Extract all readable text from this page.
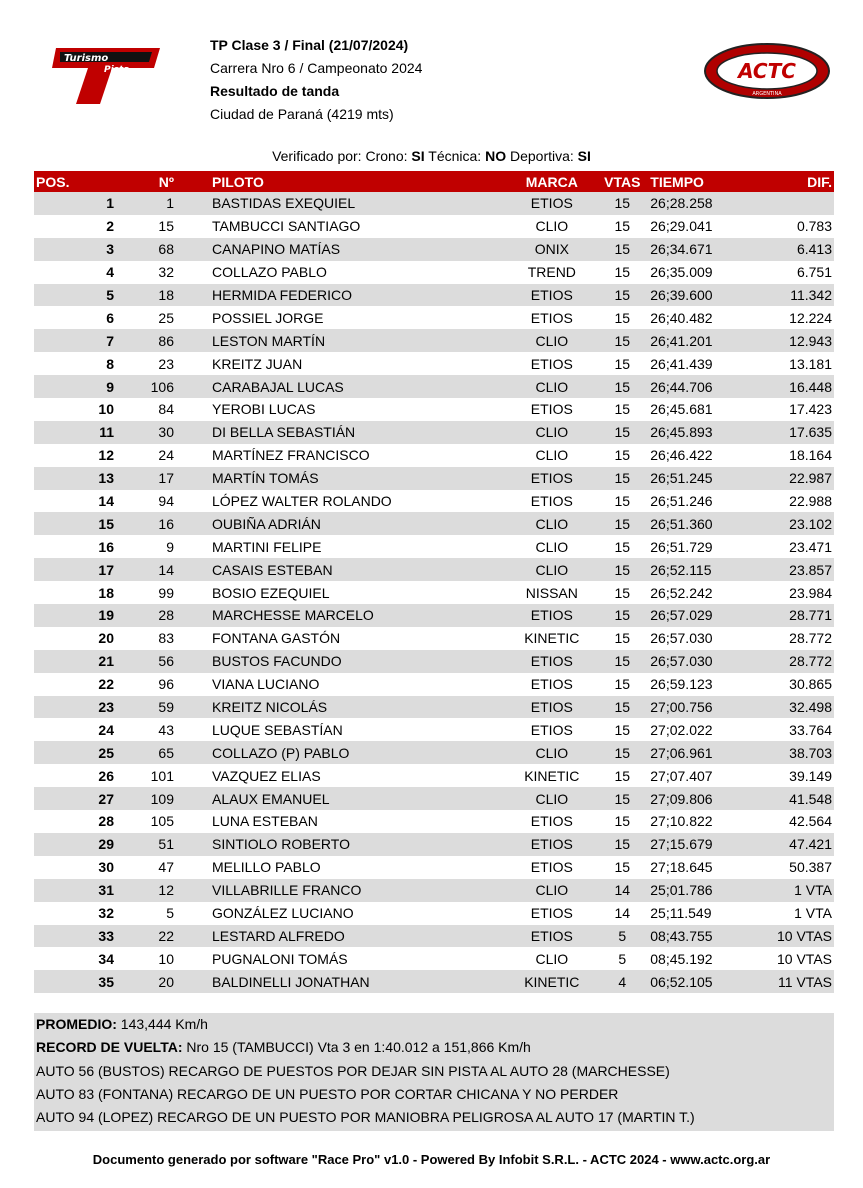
Turismo
Pista
TP Clase 3 / Final (21/07/2024)
Carrera Nro 6 / Campeonato 2024
Resultado de tanda
Ciudad de Paraná (4219 mts)
ACTC
ARGENTINA
Verificado por: Crono: SI Técnica: NO Deportiva: SI
POS.	Nº	PILOTO	MARCA	VTAS	TIEMPO	DIF.
1	1	BASTIDAS EXEQUIEL	ETIOS	15	26;28.258	
2	15	TAMBUCCI SANTIAGO	CLIO	15	26;29.041	0.783
3	68	CANAPINO MATÍAS	ONIX	15	26;34.671	6.413
4	32	COLLAZO PABLO	TREND	15	26;35.009	6.751
5	18	HERMIDA FEDERICO	ETIOS	15	26;39.600	11.342
6	25	POSSIEL JORGE	ETIOS	15	26;40.482	12.224
7	86	LESTON MARTÍN	CLIO	15	26;41.201	12.943
8	23	KREITZ JUAN	ETIOS	15	26;41.439	13.181
9	106	CARABAJAL LUCAS	CLIO	15	26;44.706	16.448
10	84	YEROBI LUCAS	ETIOS	15	26;45.681	17.423
11	30	DI BELLA SEBASTIÁN	CLIO	15	26;45.893	17.635
12	24	MARTÍNEZ FRANCISCO	CLIO	15	26;46.422	18.164
13	17	MARTÍN TOMÁS	ETIOS	15	26;51.245	22.987
14	94	LÓPEZ WALTER ROLANDO	ETIOS	15	26;51.246	22.988
15	16	OUBIÑA ADRIÁN	CLIO	15	26;51.360	23.102
16	9	MARTINI FELIPE	CLIO	15	26;51.729	23.471
17	14	CASAIS ESTEBAN	CLIO	15	26;52.115	23.857
18	99	BOSIO EZEQUIEL	NISSAN	15	26;52.242	23.984
19	28	MARCHESSE MARCELO	ETIOS	15	26;57.029	28.771
20	83	FONTANA GASTÓN	KINETIC	15	26;57.030	28.772
21	56	BUSTOS FACUNDO	ETIOS	15	26;57.030	28.772
22	96	VIANA LUCIANO	ETIOS	15	26;59.123	30.865
23	59	KREITZ NICOLÁS	ETIOS	15	27;00.756	32.498
24	43	LUQUE SEBASTÍAN	ETIOS	15	27;02.022	33.764
25	65	COLLAZO (P) PABLO	CLIO	15	27;06.961	38.703
26	101	VAZQUEZ ELIAS	KINETIC	15	27;07.407	39.149
27	109	ALAUX EMANUEL	CLIO	15	27;09.806	41.548
28	105	LUNA ESTEBAN	ETIOS	15	27;10.822	42.564
29	51	SINTIOLO ROBERTO	ETIOS	15	27;15.679	47.421
30	47	MELILLO PABLO	ETIOS	15	27;18.645	50.387
31	12	VILLABRILLE FRANCO	CLIO	14	25;01.786	1 VTA
32	5	GONZÁLEZ LUCIANO	ETIOS	14	25;11.549	1 VTA
33	22	LESTARD ALFREDO	ETIOS	5	08;43.755	10 VTAS
34	10	PUGNALONI TOMÁS	CLIO	5	08;45.192	10 VTAS
35	20	BALDINELLI JONATHAN	KINETIC	4	06;52.105	11 VTAS
PROMEDIO: 143,444 Km/h
RECORD DE VUELTA: Nro 15 (TAMBUCCI) Vta 3 en 1:40.012 a 151,866 Km/h
AUTO 56 (BUSTOS) RECARGO DE PUESTOS POR DEJAR SIN PISTA AL AUTO 28 (MARCHESSE)
AUTO 83 (FONTANA) RECARGO DE UN PUESTO POR CORTAR CHICANA Y NO PERDER
AUTO 94 (LOPEZ) RECARGO DE UN PUESTO POR MANIOBRA PELIGROSA AL AUTO 17 (MARTIN T.)
Documento generado por software "Race Pro" v1.0 - Powered By Infobit S.R.L. - ACTC 2024 - www.actc.org.ar
